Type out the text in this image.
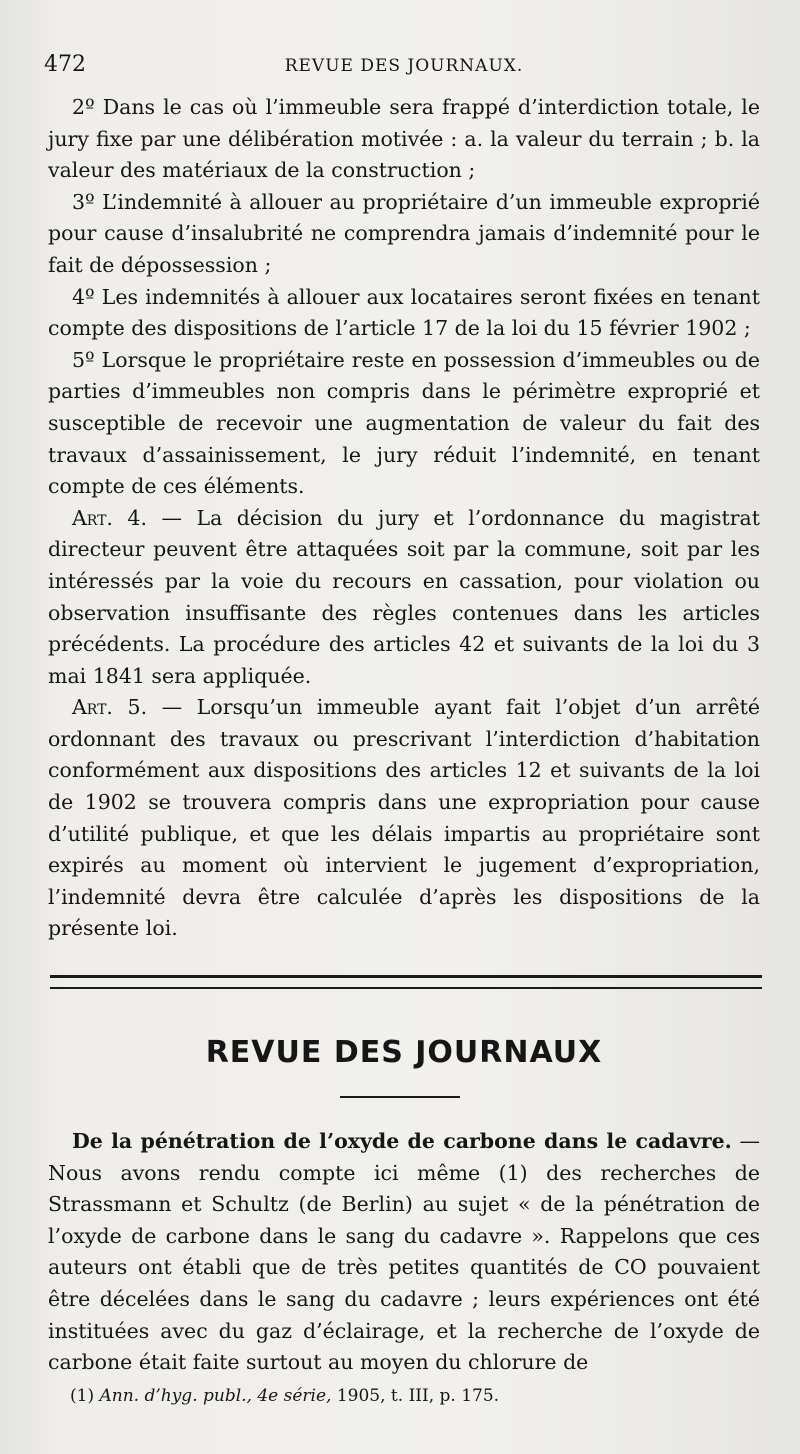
472	REVUE DES JOURNAUX.

2º Dans le cas où l’immeuble sera frappé d’interdiction totale, le jury fixe par une délibération motivée : a. la valeur du terrain ; b. la valeur des matériaux de la construction ;

3º L’indemnité à allouer au propriétaire d’un immeuble exproprié pour cause d’insalubrité ne comprendra jamais d’indemnité pour le fait de dépossession ;

4º Les indemnités à allouer aux locataires seront fixées en tenant compte des dispositions de l’article 17 de la loi du 15 février 1902 ;

5º Lorsque le propriétaire reste en possession d’immeubles ou de parties d’immeubles non compris dans le périmètre exproprié et susceptible de recevoir une augmentation de valeur du fait des travaux d’assainissement, le jury réduit l’indemnité, en tenant compte de ces éléments.

Art. 4. — La décision du jury et l’ordonnance du magistrat directeur peuvent être attaquées soit par la commune, soit par les intéressés par la voie du recours en cassation, pour violation ou observation insuffisante des règles contenues dans les articles précédents. La procédure des articles 42 et suivants de la loi du 3 mai 1841 sera appliquée.

Art. 5. — Lorsqu’un immeuble ayant fait l’objet d’un arrêté ordonnant des travaux ou prescrivant l’interdiction d’habitation conformément aux dispositions des articles 12 et suivants de la loi de 1902 se trouvera compris dans une expropriation pour cause d’utilité publique, et que les délais impartis au propriétaire sont expirés au moment où intervient le jugement d’expropriation, l’indemnité devra être calculée d’après les dispositions de la présente loi.

REVUE DES JOURNAUX

De la pénétration de l’oxyde de carbone dans le cadavre. — Nous avons rendu compte ici même (1) des recherches de Strassmann et Schultz (de Berlin) au sujet « de la pénétration de l’oxyde de carbone dans le sang du cadavre ». Rappelons que ces auteurs ont établi que de très petites quantités de CO pouvaient être décelées dans le sang du cadavre ; leurs expériences ont été instituées avec du gaz d’éclairage, et la recherche de l’oxyde de carbone était faite surtout au moyen du chlorure de

(1) Ann. d’hyg. publ., 4e série, 1905, t. III, p. 175.
